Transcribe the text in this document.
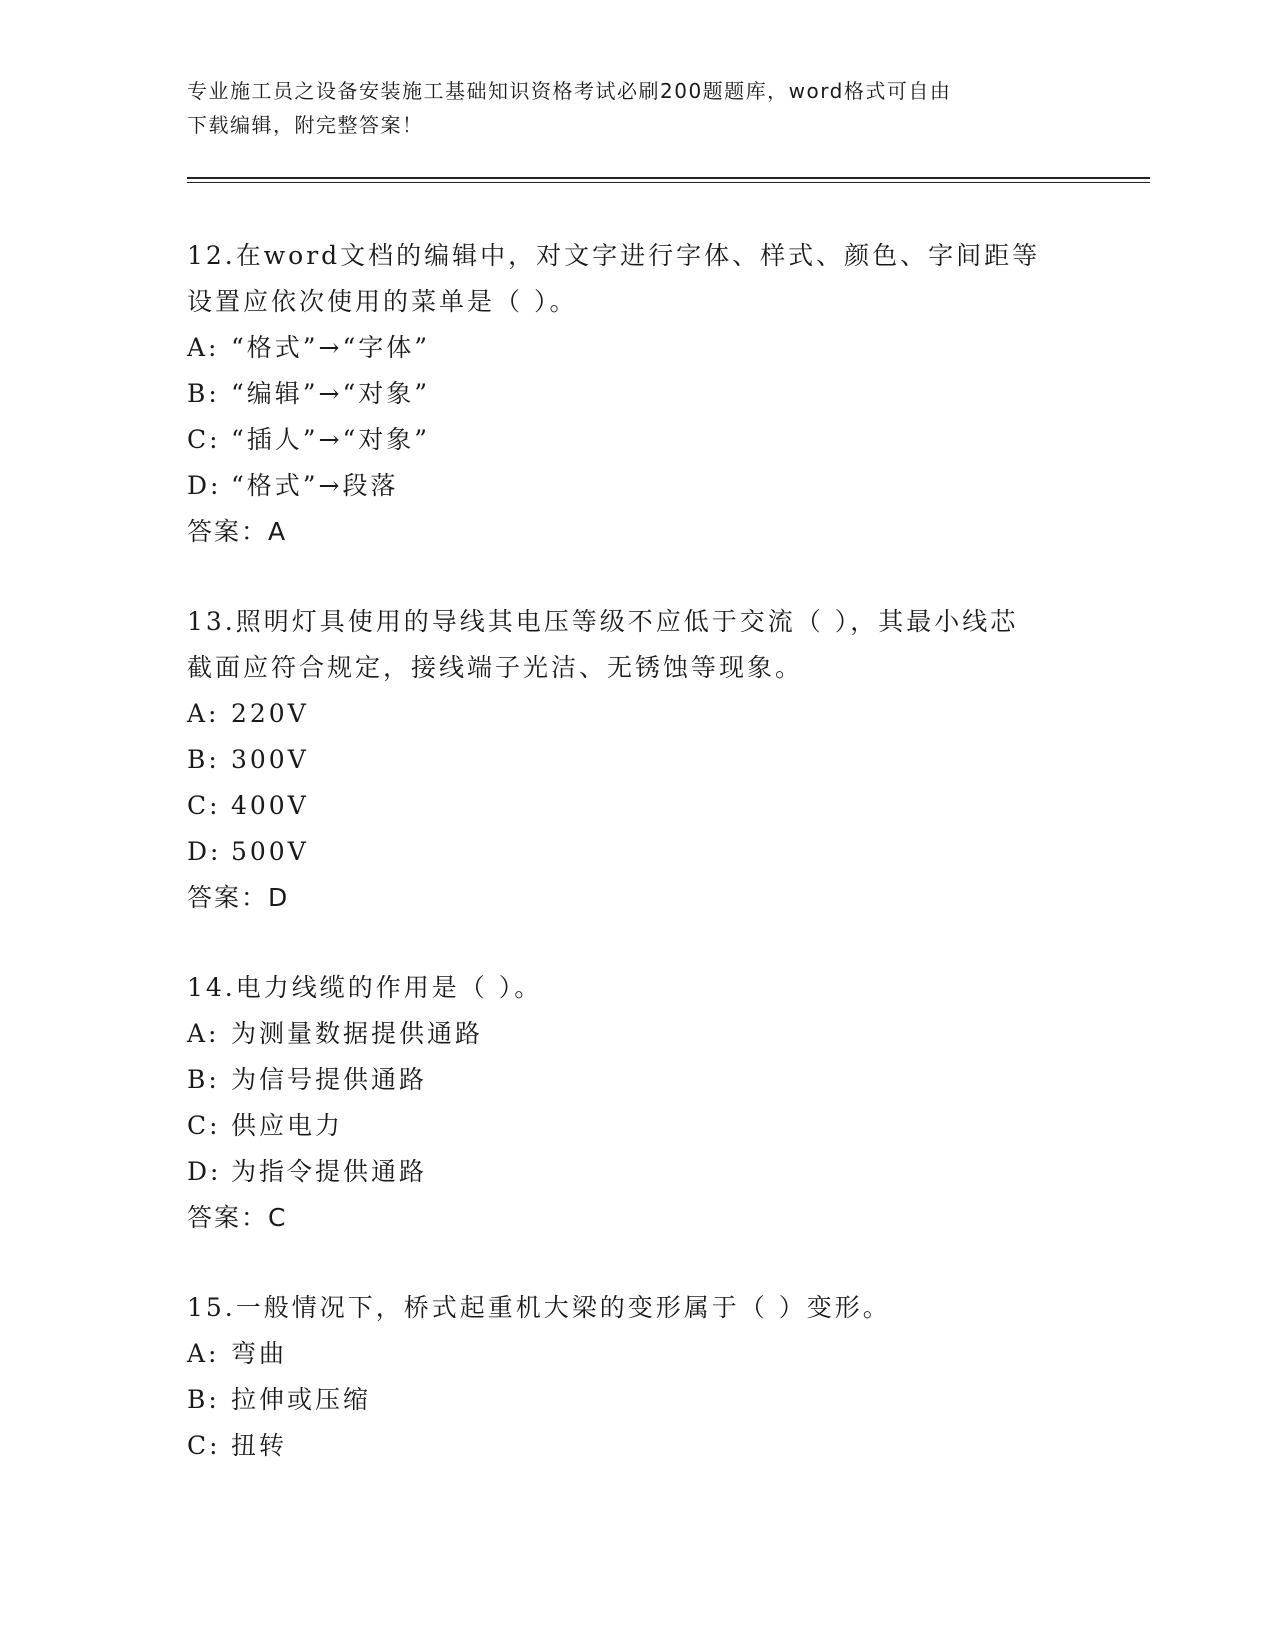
专业施工员之设备安装施工基础知识资格考试必刷200题题库，word格式可自由
下载编辑，附完整答案！

12.在word文档的编辑中，对文字进行字体、样式、颜色、字间距等

设置应依次使用的菜单是（ ）。

A: “格式”→“字体”

B: “编辑”→“对象”

C: “插人”→“对象”

D: “格式”→段落

答案：A

13.照明灯具使用的导线其电压等级不应低于交流（ ），其最小线芯

截面应符合规定，接线端子光洁、无锈蚀等现象。

A: 220V

B: 300V

C: 400V

D: 500V

答案：D

14.电力线缆的作用是（ ）。

A: 为测量数据提供通路

B: 为信号提供通路

C: 供应电力

D: 为指令提供通路

答案：C

15.一般情况下，桥式起重机大梁的变形属于（ ）变形。

A: 弯曲

B: 拉伸或压缩

C: 扭转
